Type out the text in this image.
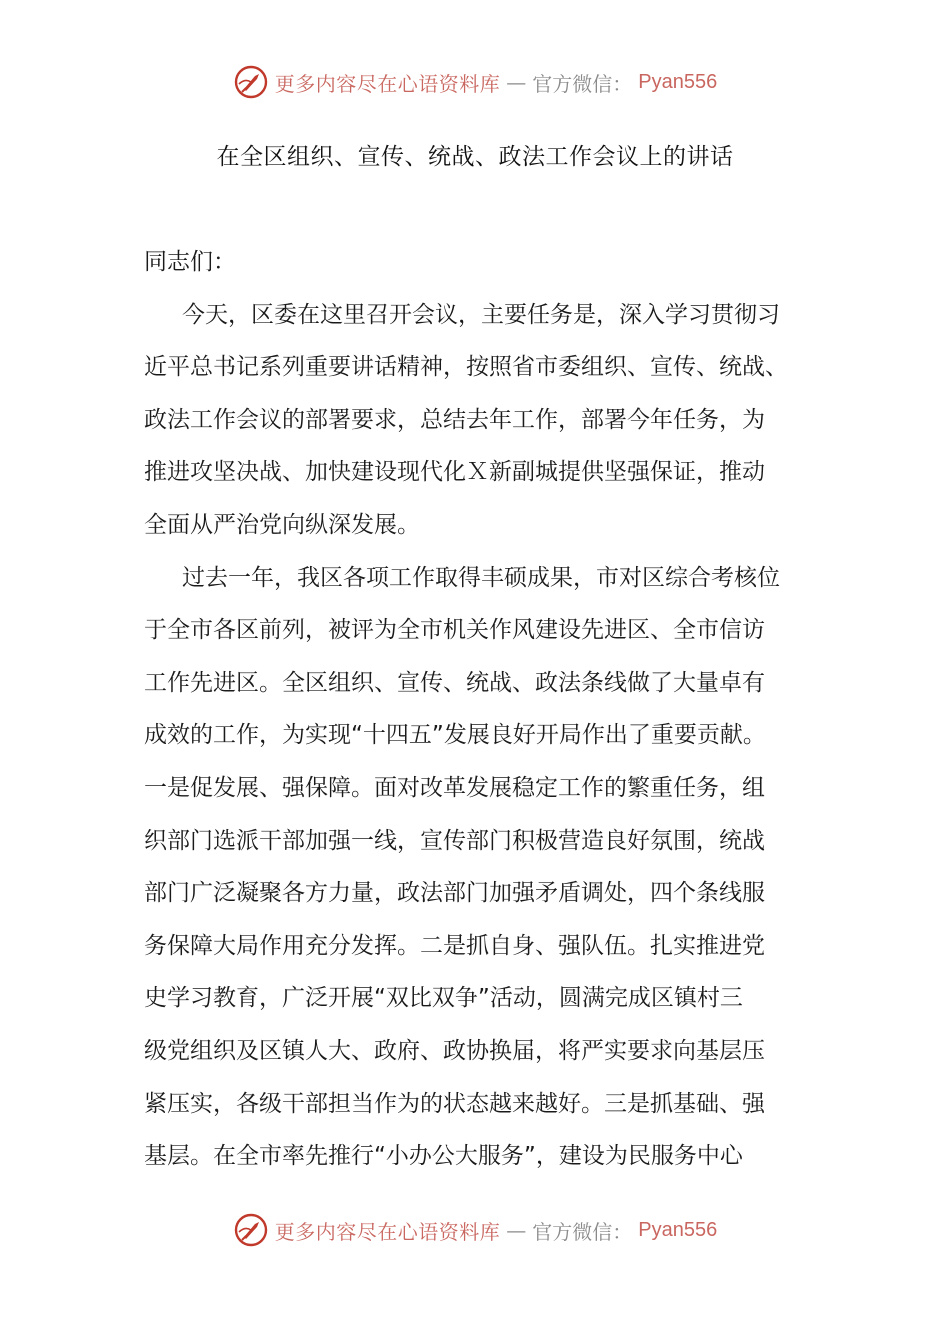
更多内容尽在心语资料库 — 官方微信： Pyan556
在全区组织、宣传、统战、政法工作会议上的讲话
同志们：
今天，区委在这里召开会议，主要任务是，深入学习贯彻习
近平总书记系列重要讲话精神，按照省市委组织、宣传、统战、
政法工作会议的部署要求，总结去年工作，部署今年任务，为
推进攻坚决战、加快建设现代化Ｘ新副城提供坚强保证，推动
全面从严治党向纵深发展。
过去一年，我区各项工作取得丰硕成果，市对区综合考核位
于全市各区前列，被评为全市机关作风建设先进区、全市信访
工作先进区。全区组织、宣传、统战、政法条线做了大量卓有
成效的工作，为实现“十四五”发展良好开局作出了重要贡献。
一是促发展、强保障。面对改革发展稳定工作的繁重任务，组
织部门选派干部加强一线，宣传部门积极营造良好氛围，统战
部门广泛凝聚各方力量，政法部门加强矛盾调处，四个条线服
务保障大局作用充分发挥。二是抓自身、强队伍。扎实推进党
史学习教育，广泛开展“双比双争”活动，圆满完成区镇村三
级党组织及区镇人大、政府、政协换届，将严实要求向基层压
紧压实，各级干部担当作为的状态越来越好。三是抓基础、强
基层。在全市率先推行“小办公大服务”，建设为民服务中心
更多内容尽在心语资料库 — 官方微信： Pyan556
